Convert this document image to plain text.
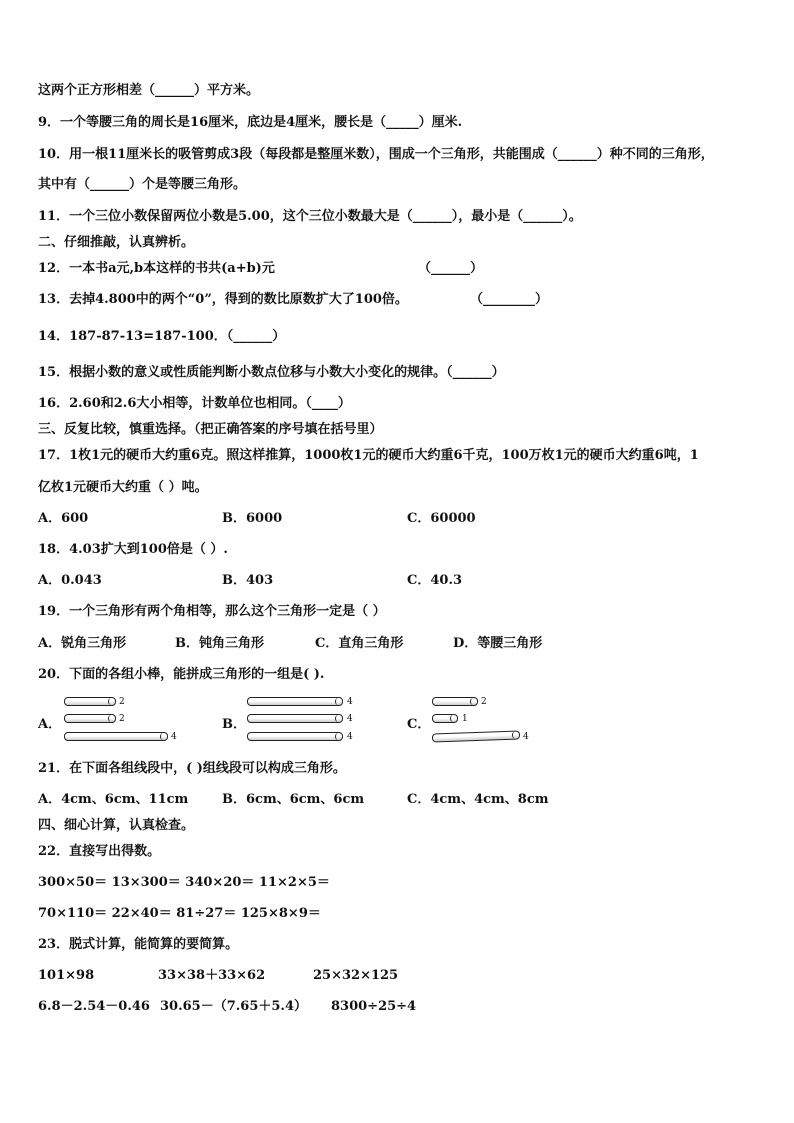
这两个正方形相差（______）平方米。
9．一个等腰三角的周长是16厘米，底边是4厘米，腰长是（_____）厘米.
10．用一根11厘米长的吸管剪成3段（每段都是整厘米数），围成一个三角形，共能围成（______）种不同的三角形，
其中有（______）个是等腰三角形。
11．一个三位小数保留两位小数是5.00，这个三位小数最大是（______），最小是（______）。
二、仔细推敲，认真辨析。
12．一本书a元,b本这样的书共(a+b)元	（______）
13．去掉4.800中的两个“0”，得到的数比原数扩大了100倍。	（________）
14．187-87-13=187-100．（______）
15．根据小数的意义或性质能判断小数点位移与小数大小变化的规律。（______）
16．2.60和2.6大小相等，计数单位也相同。（____）
三、反复比较，慎重选择。（把正确答案的序号填在括号里）
17．1枚1元的硬币大约重6克。照这样推算，1000枚1元的硬币大约重6千克，100万枚1元的硬币大约重6吨，1
亿枚1元硬币大约重（ ）吨。
A．600	B．6000	C．60000
18．4.03扩大到100倍是（ ）.
A．0.043	B．403	C．40.3
19．一个三角形有两个角相等，那么这个三角形一定是（ ）
A．锐角三角形	B．钝角三角形	C．直角三角形	D．等腰三角形
20．下面的各组小棒，能拼成三角形的一组是( ).
A．
2
2
4
B．
4
4
4
C．
2
1
4
21．在下面各组线段中，( )组线段可以构成三角形。
A．4cm、6cm、11cm	B．6cm、6cm、6cm	C．4cm、4cm、8cm
四、细心计算，认真检查。
22．直接写出得数。
300×50＝ 13×300＝ 340×20＝ 11×2×5＝
70×110＝ 22×40＝ 81÷27＝ 125×8×9＝
23．脱式计算，能简算的要简算。
101×98	33×38＋33×62	25×32×125
6.8－2.54－0.46 30.65－（7.65＋5.4） 8300÷25÷4
